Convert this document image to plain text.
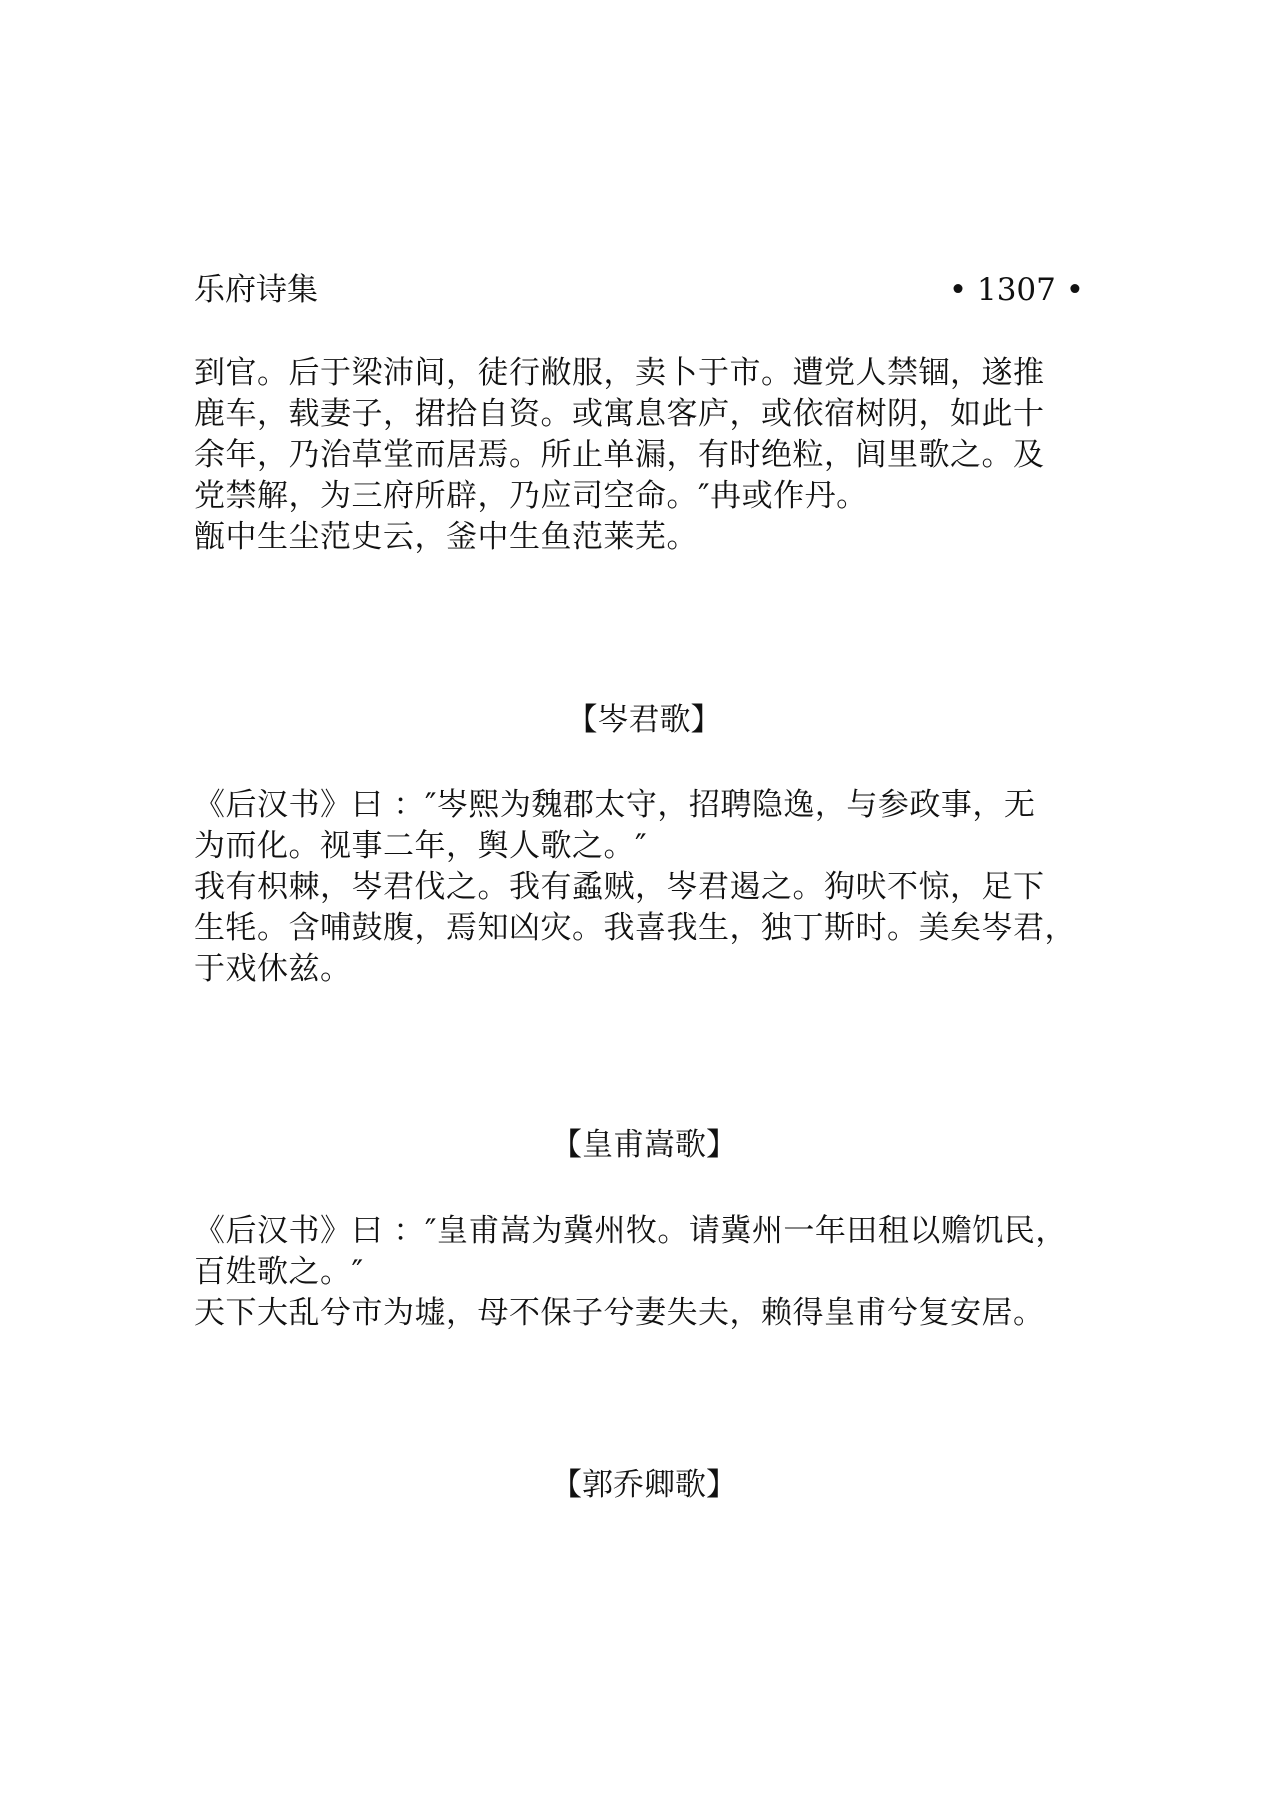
乐府诗集	• 1307 •

到官。后于梁沛间，徒行敝服，卖卜于市。遭党人禁锢，遂推
鹿车，载妻子，捃拾自资。或寓息客庐，或依宿树阴，如此十
余年，乃治草堂而居焉。所止单漏，有时绝粒，闾里歌之。及
党禁解，为三府所辟，乃应司空命。″冉或作丹。
甑中生尘范史云，釜中生鱼范莱芜。

【岑君歌】

《后汉书》曰 ：″岑熙为魏郡太守，招聘隐逸，与参政事，无
为而化。视事二年，舆人歌之。″

我有枳棘，岑君伐之。我有蟊贼，岑君遏之。狗吠不惊，足下
生牦。含哺鼓腹，焉知凶灾。我喜我生，独丁斯时。美矣岑君，
于戏休兹。

【皇甫嵩歌】

《后汉书》曰 ：″皇甫嵩为冀州牧。请冀州一年田租以赡饥民，
百姓歌之。″

天下大乱兮市为墟，母不保子兮妻失夫，赖得皇甫兮复安居。

【郭乔卿歌】
